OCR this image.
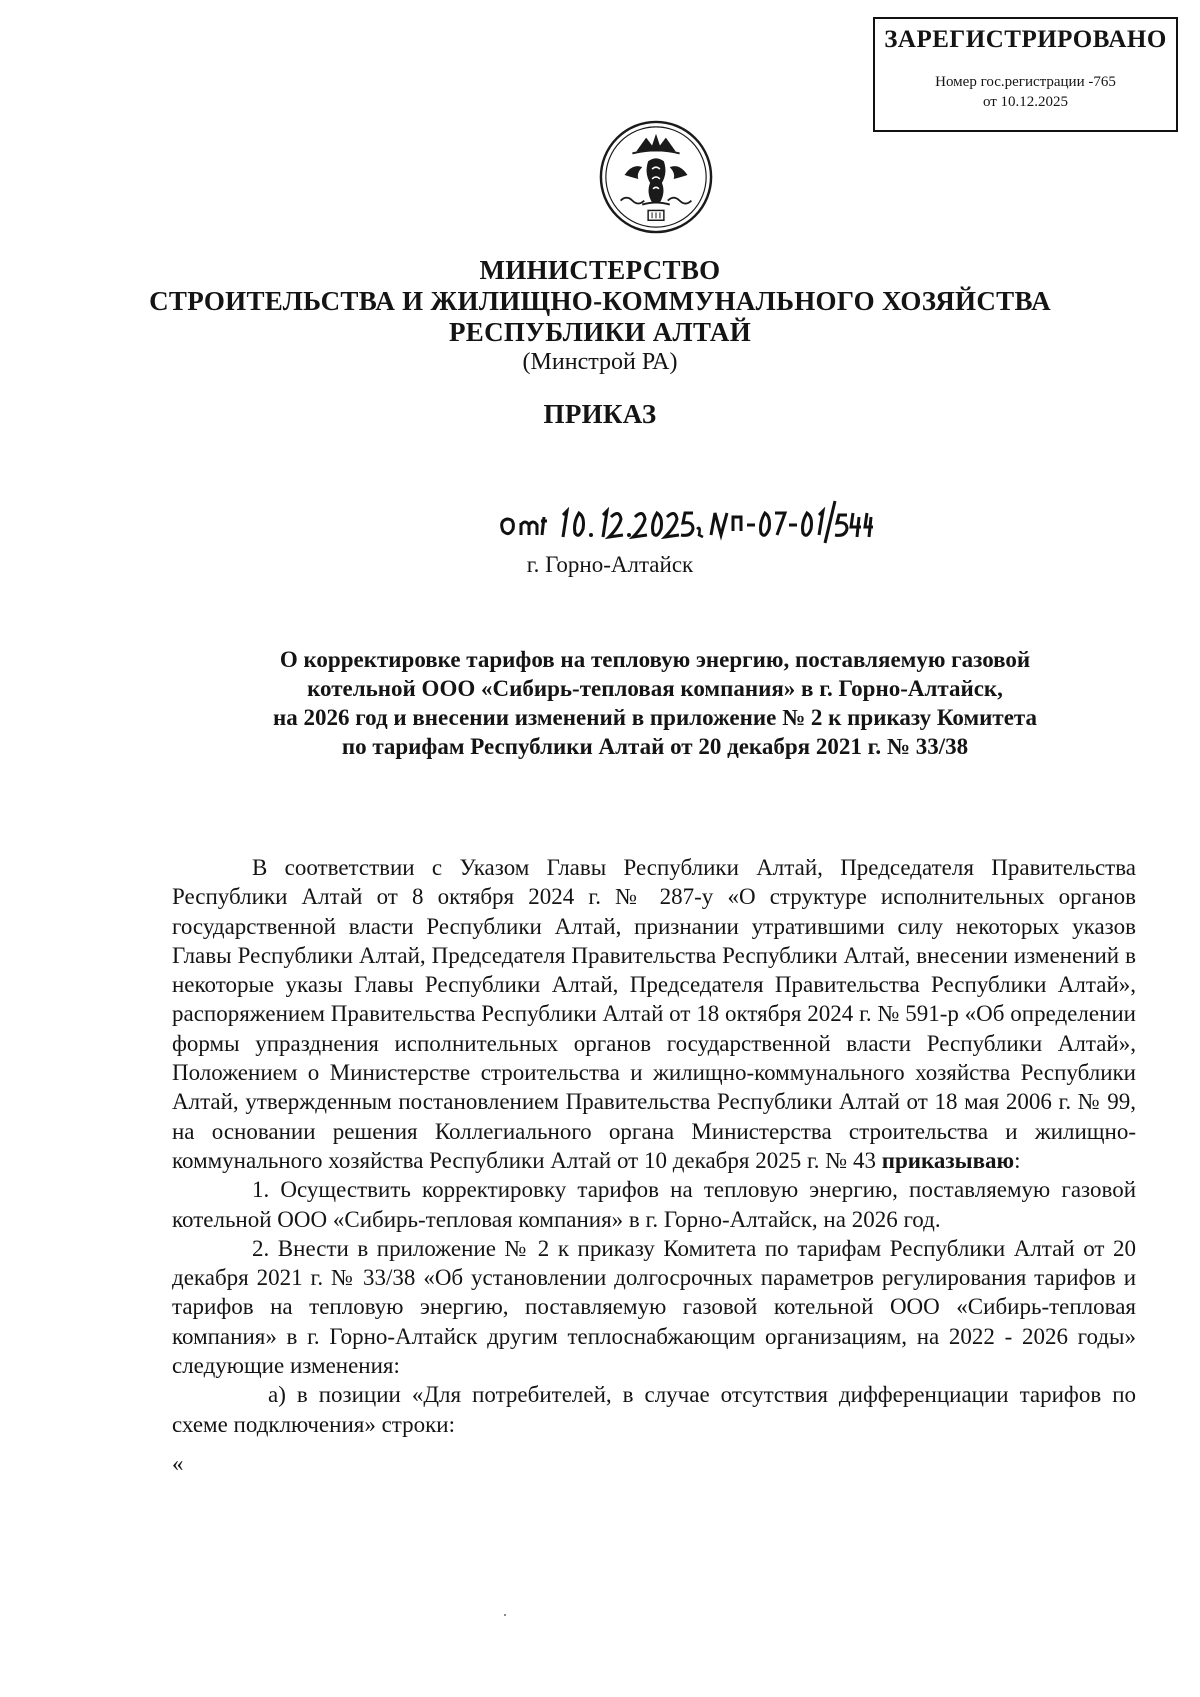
ЗАРЕГИСТРИРОВАНО
Номер гос.регистрации -765
от 10.12.2025
МИНИСТЕРСТВО
СТРОИТЕЛЬСТВА И ЖИЛИЩНО-КОММУНАЛЬНОГО ХОЗЯЙСТВА
РЕСПУБЛИКИ АЛТАЙ
(Минстрой РА)
ПРИКАЗ
г. Горно-Алтайск
О корректировке тарифов на тепловую энергию, поставляемую газовой
котельной ООО «Сибирь-тепловая компания» в г. Горно-Алтайск,
на 2026 год и внесении изменений в приложение № 2 к приказу Комитета
по тарифам Республики Алтай от 20 декабря 2021 г. № 33/38

В соответствии с Указом Главы Республики Алтай, Председателя Правительства Республики Алтай от 8 октября 2024 г. № 287-у «О структуре исполнительных органов государственной власти Республики Алтай, признании утратившими силу некоторых указов Главы Республики Алтай, Председателя Правительства Республики Алтай, внесении изменений в некоторые указы Главы Республики Алтай, Председателя Правительства Республики Алтай», распоряжением Правительства Республики Алтай от 18 октября 2024 г. № 591-р «Об определении формы упразднения исполнительных органов государственной власти Республики Алтай», Положением о Министерстве строительства и жилищно-коммунального хозяйства Республики Алтай, утвержденным постановлением Правительства Республики Алтай от 18 мая 2006 г. № 99, на основании решения Коллегиального органа Министерства строительства и жилищно-коммунального хозяйства Республики Алтай от 10 декабря 2025 г. № 43 приказываю:

1. Осуществить корректировку тарифов на тепловую энергию, поставляемую газовой котельной ООО «Сибирь-тепловая компания» в г. Горно-Алтайск, на 2026 год.

2. Внести в приложение № 2 к приказу Комитета по тарифам Республики Алтай от 20 декабря 2021 г. № 33/38 «Об установлении долгосрочных параметров регулирования тарифов и тарифов на тепловую энергию, поставляемую газовой котельной ООО «Сибирь-тепловая компания» в г. Горно-Алтайск другим теплоснабжающим организациям, на 2022 - 2026 годы» следующие изменения:

а) в позиции «Для потребителей, в случае отсутствия дифференциации тарифов по схеме подключения» строки:

«
